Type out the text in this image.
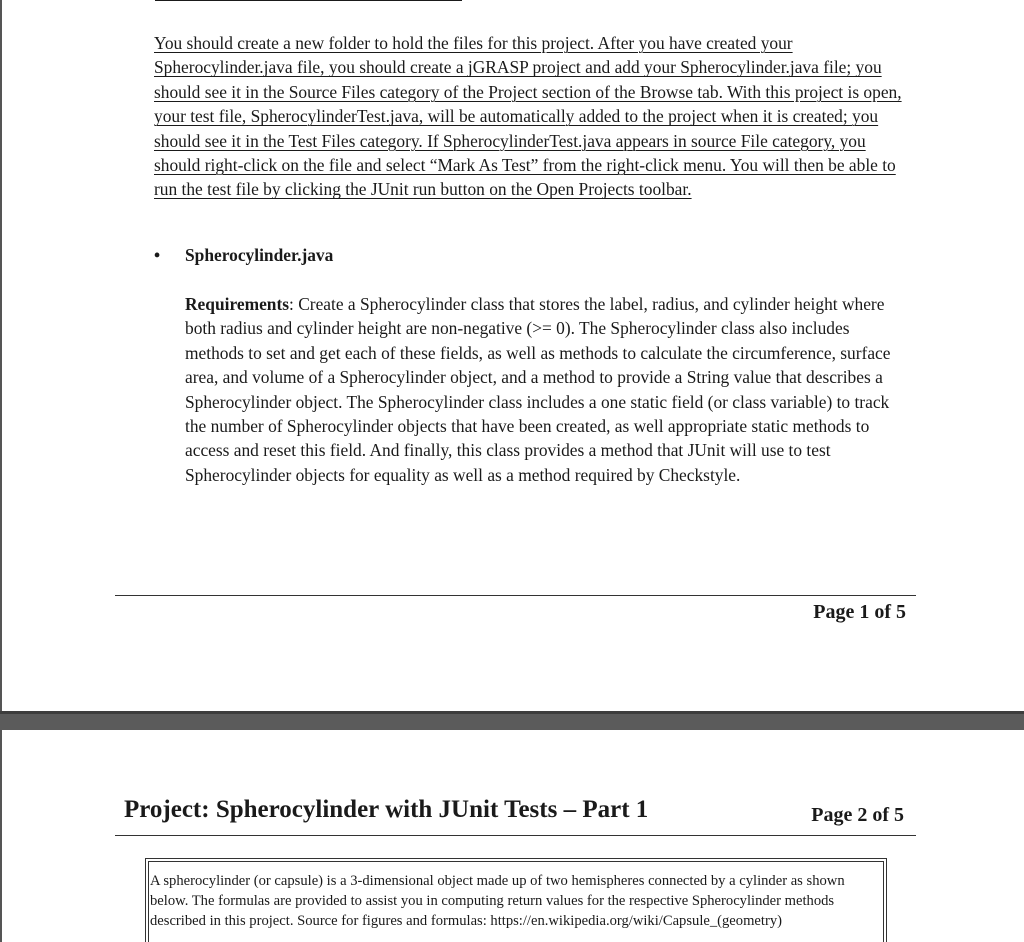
You should create a new folder to hold the files for this project. After you have created your Spherocylinder.java file, you should create a jGRASP project and add your Spherocylinder.java file; you should see it in the Source Files category of the Project section of the Browse tab. With this project is open, your test file, SpherocylinderTest.java, will be automatically added to the project when it is created; you should see it in the Test Files category. If SpherocylinderTest.java appears in source File category, you should right-click on the file and select “Mark As Test” from the right-click menu. You will then be able to run the test file by clicking the JUnit run button on the Open Projects toolbar.

• Spherocylinder.java

Requirements: Create a Spherocylinder class that stores the label, radius, and cylinder height where both radius and cylinder height are non-negative (>= 0). The Spherocylinder class also includes methods to set and get each of these fields, as well as methods to calculate the circumference, surface area, and volume of a Spherocylinder object, and a method to provide a String value that describes a Spherocylinder object. The Spherocylinder class includes a one static field (or class variable) to track the number of Spherocylinder objects that have been created, as well appropriate static methods to access and reset this field. And finally, this class provides a method that JUnit will use to test Spherocylinder objects for equality as well as a method required by Checkstyle.

Page 1 of 5
Project: Spherocylinder with JUnit Tests – Part 1	Page 2 of 5

A spherocylinder (or capsule) is a 3-dimensional object made up of two hemispheres connected by a cylinder as shown below. The formulas are provided to assist you in computing return values for the respective Spherocylinder methods described in this project. Source for figures and formulas: https://en.wikipedia.org/wiki/Capsule_(geometry)
